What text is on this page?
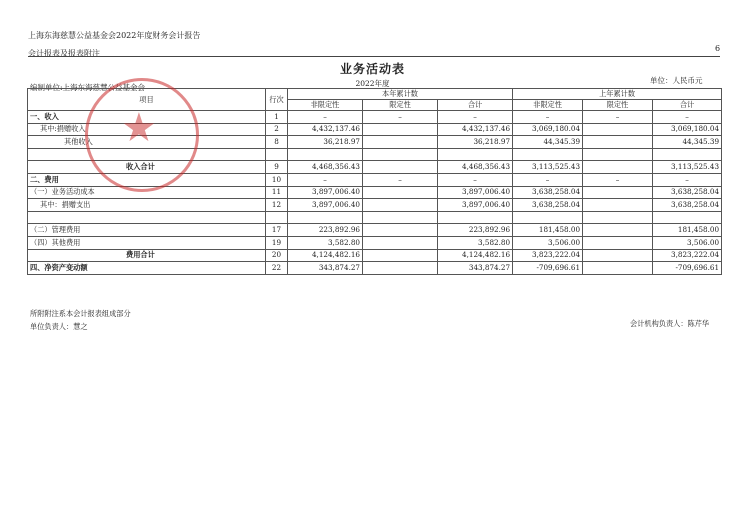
上海东海慈慧公益基金会2022年度财务会计报告
会计报表及报表附注
6
业务活动表
2022年度
编制单位:上海东海慈慧公益基金会
单位：人民币元
项目	行次	本年累计数			上年累计数		
		非限定性	限定性	合计	非限定性	限定性	合计
一、收入	1	–	–	–	–	–	–
其中:捐赠收入	2	4,432,137.46		4,432,137.46	3,069,180.04		3,069,180.04
其他收入	8	36,218.97		36,218.97	44,345.39		44,345.39

收入合计	9	4,468,356.43		4,468,356.43	3,113,525.43		3,113,525.43
二、费用	10	–	–	–	–	–	–
（一）业务活动成本	11	3,897,006.40		3,897,006.40	3,638,258.04		3,638,258.04
其中：捐赠支出	12	3,897,006.40		3,897,006.40	3,638,258.04		3,638,258.04

（二）管理费用	17	223,892.96		223,892.96	181,458.00		181,458.00
（四）其他费用	19	3,582.80		3,582.80	3,506.00		3,506.00
费用合计	20	4,124,482.16		4,124,482.16	3,823,222.04		3,823,222.04
四、净资产变动额	22	343,874.27		343,874.27	-709,696.61		-709,696.61
★
所附附注系本会计报表组成部分
单位负责人：慧之	会计机构负责人：陈芹华
